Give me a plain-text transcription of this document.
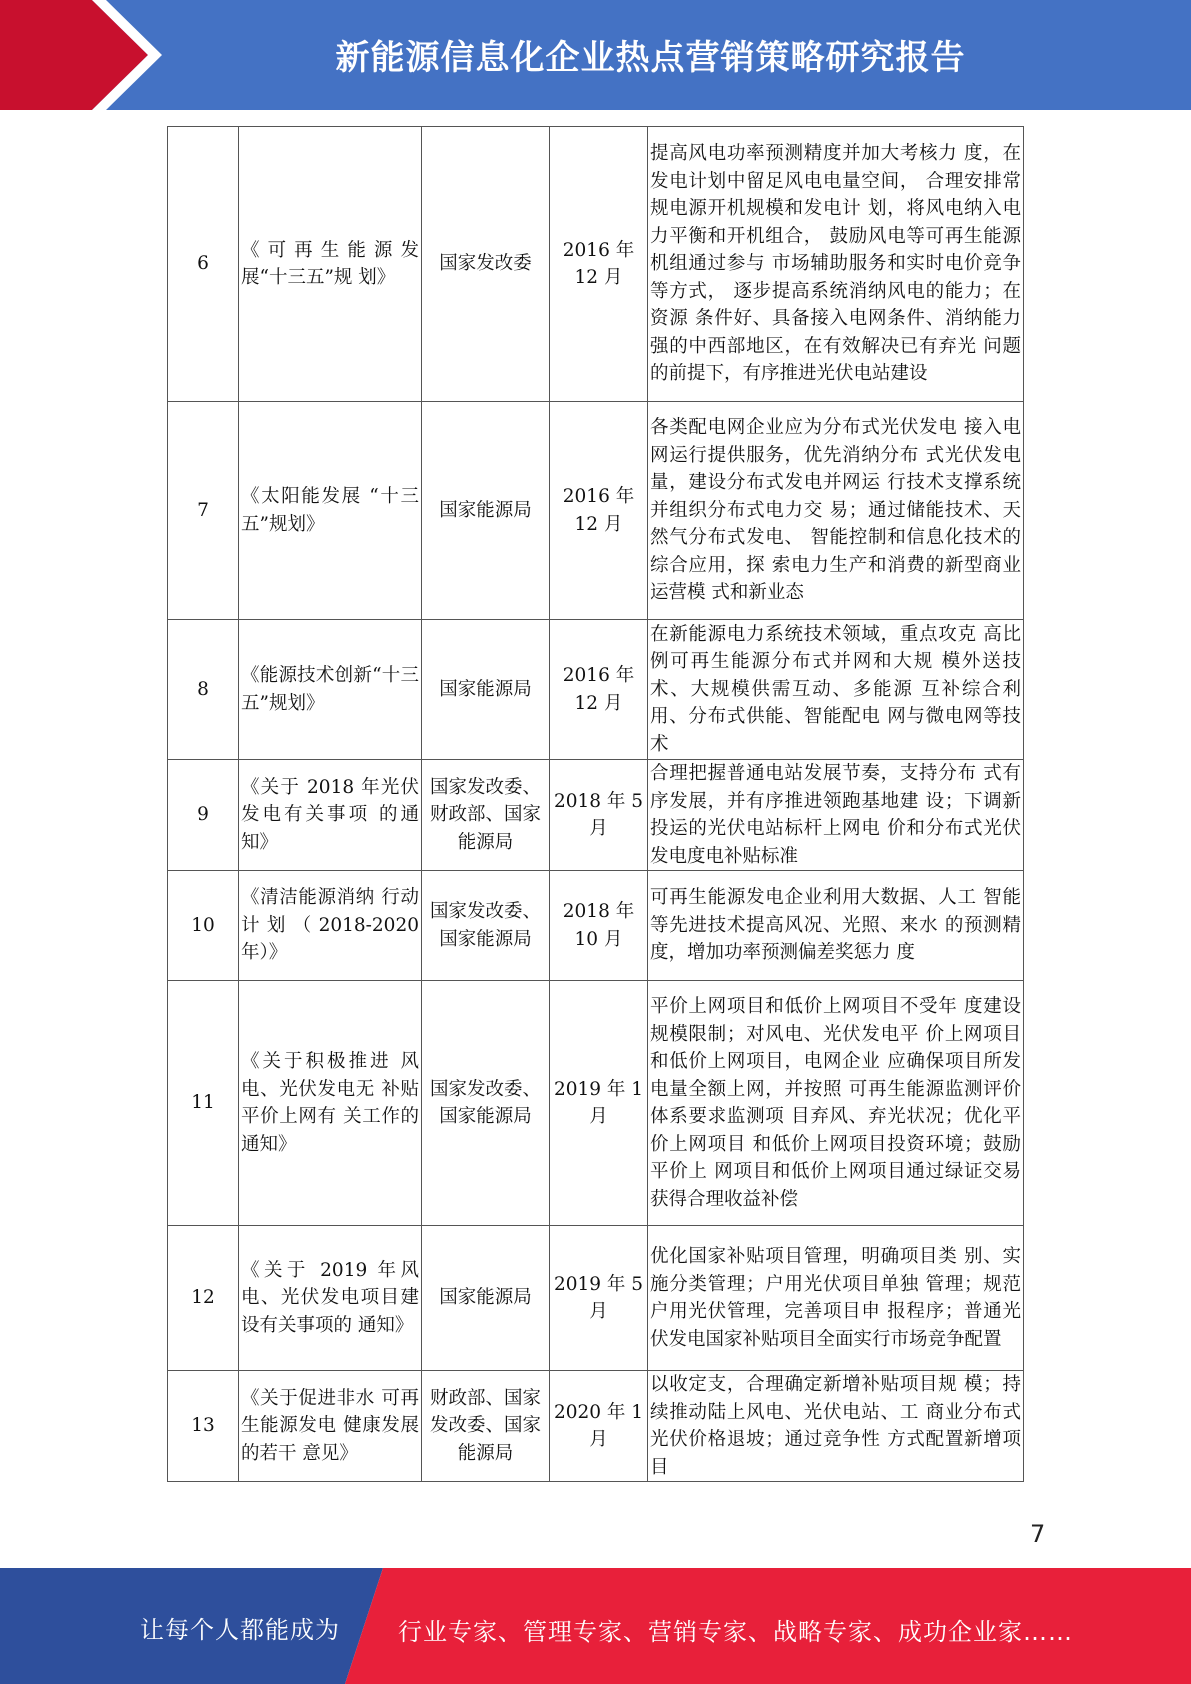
新能源信息化企业热点营销策略研究报告
6	《可再生能源发 展“十三五”规 划》	国家发改委	2016 年 12 月	提高风电功率预测精度并加大考核力 度，在发电计划中留足风电电量空间， 合理安排常规电源开机规模和发电计 划，将风电纳入电力平衡和开机组合， 鼓励风电等可再生能源机组通过参与 市场辅助服务和实时电价竞争等方式， 逐步提高系统消纳风电的能力；在资源 条件好、具备接入电网条件、消纳能力 强的中西部地区，在有效解决已有弃光 问题的前提下，有序推进光伏电站建设
7	《太阳能发展 “十三五”规划》	国家能源局	2016 年 12 月	各类配电网企业应为分布式光伏发电 接入电网运行提供服务，优先消纳分布 式光伏发电量，建设分布式发电并网运 行技术支撑系统并组织分布式电力交 易；通过储能技术、天然气分布式发电、 智能控制和信息化技术的综合应用，探 索电力生产和消费的新型商业运营模 式和新业态
8	《能源技术创新“十三五”规划》	国家能源局	2016 年 12 月	在新能源电力系统技术领域，重点攻克 高比例可再生能源分布式并网和大规 模外送技术、大规模供需互动、多能源 互补综合利用、分布式供能、智能配电 网与微电网等技术
9	《关于 2018 年光伏发电有关事项 的通知》	国家发改委、财政部、国家能源局	2018 年 5 月	合理把握普通电站发展节奏，支持分布 式有序发展，并有序推进领跑基地建 设；下调新投运的光伏电站标杆上网电 价和分布式光伏发电度电补贴标准
10	《清洁能源消纳 行动计划（2018-2020年）》	国家发改委、国家能源局	2018 年 10 月	可再生能源发电企业利用大数据、人工 智能等先进技术提高风况、光照、来水 的预测精度，增加功率预测偏差奖惩力 度
11	《关于积极推进 风电、光伏发电无 补贴平价上网有 关工作的通知》	国家发改委、国家能源局	2019 年 1 月	平价上网项目和低价上网项目不受年 度建设规模限制；对风电、光伏发电平 价上网项目和低价上网项目，电网企业 应确保项目所发电量全额上网，并按照 可再生能源监测评价体系要求监测项 目弃风、弃光状况；优化平价上网项目 和低价上网项目投资环境；鼓励平价上 网项目和低价上网项目通过绿证交易 获得合理收益补偿
12	《关于 2019 年风电、光伏发电项目建设有关事项的 通知》	国家能源局	2019 年 5 月	优化国家补贴项目管理，明确项目类 别、实施分类管理；户用光伏项目单独 管理；规范户用光伏管理，完善项目申 报程序；普通光伏发电国家补贴项目全面实行市场竞争配置
13	《关于促进非水 可再生能源发电 健康发展的若干 意见》	财政部、国家发改委、国家能源局	2020 年 1 月	以收定支，合理确定新增补贴项目规 模；持续推动陆上风电、光伏电站、工 商业分布式光伏价格退坡；通过竞争性 方式配置新增项目
7
让每个人都能成为 行业专家、管理专家、营销专家、战略专家、成功企业家……
